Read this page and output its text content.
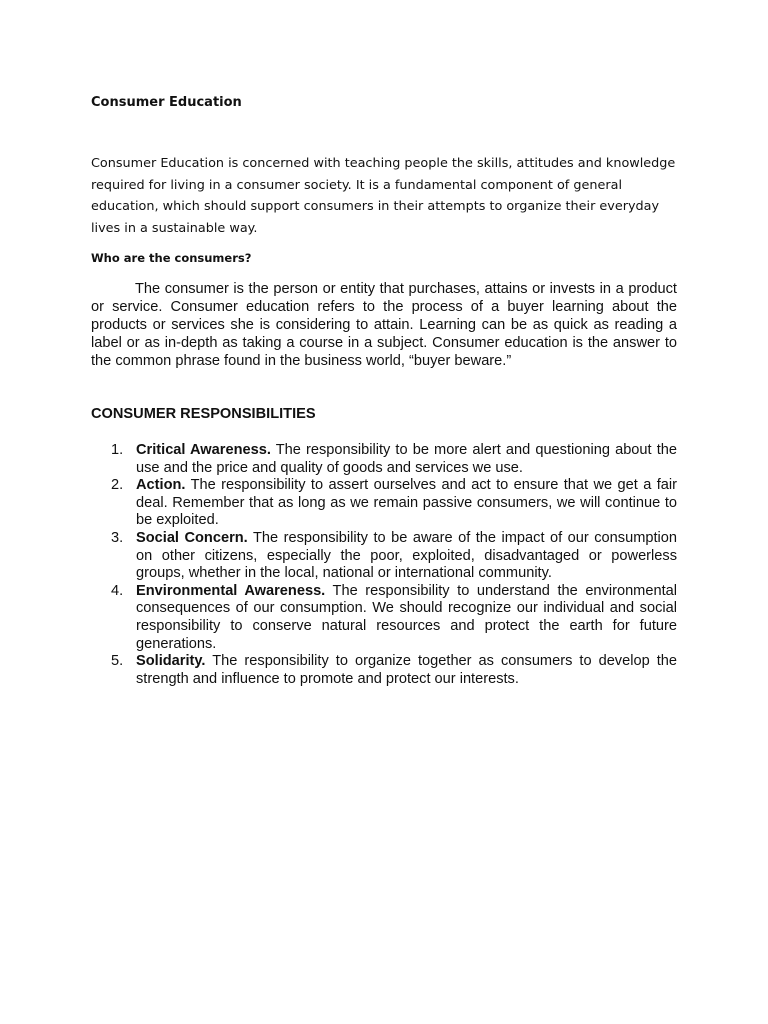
Consumer Education

Consumer Education is concerned with teaching people the skills, attitudes and knowledge required for living in a consumer society. It is a fundamental component of general education, which should support consumers in their attempts to organize their everyday lives in a sustainable way.

Who are the consumers?

The consumer is the person or entity that purchases, attains or invests in a product or service. Consumer education refers to the process of a buyer learning about the products or services she is considering to attain. Learning can be as quick as reading a label or as in-depth as taking a course in a subject. Consumer education is the answer to the common phrase found in the business world, “buyer beware.”

CONSUMER RESPONSIBILITIES
1. Critical Awareness. The responsibility to be more alert and questioning about the use and the price and quality of goods and services we use.
2. Action. The responsibility to assert ourselves and act to ensure that we get a fair deal. Remember that as long as we remain passive consumers, we will continue to be exploited.
3. Social Concern. The responsibility to be aware of the impact of our consumption on other citizens, especially the poor, exploited, disadvantaged or powerless groups, whether in the local, national or international community.
4. Environmental Awareness. The responsibility to understand the environmental consequences of our consumption. We should recognize our individual and social responsibility to conserve natural resources and protect the earth for future generations.
5. Solidarity. The responsibility to organize together as consumers to develop the strength and influence to promote and protect our interests.
